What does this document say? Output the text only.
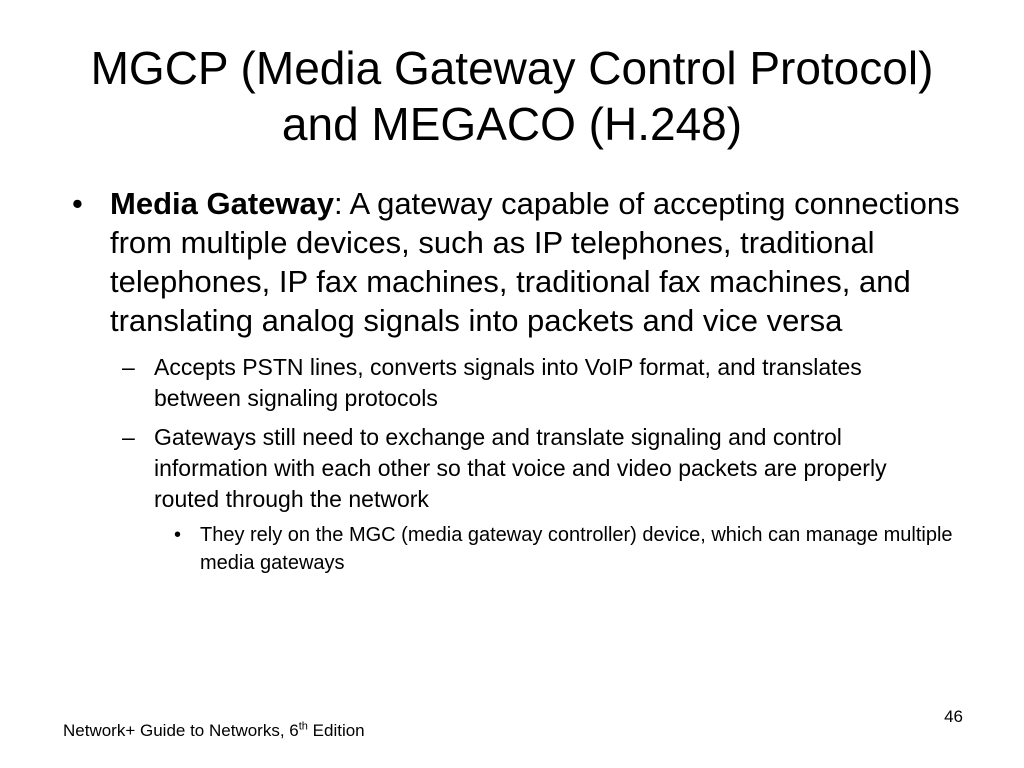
MGCP (Media Gateway Control Protocol) and MEGACO (H.248)
• Media Gateway: A gateway capable of accepting connections from multiple devices, such as IP telephones, traditional telephones, IP fax machines, traditional fax machines, and translating analog signals into packets and vice versa
– Accepts PSTN lines, converts signals into VoIP format, and translates between signaling protocols
– Gateways still need to exchange and translate signaling and control information with each other so that voice and video packets are properly routed through the network
• They rely on the MGC (media gateway controller) device, which can manage multiple media gateways
Network+ Guide to Networks, 6th Edition
46
